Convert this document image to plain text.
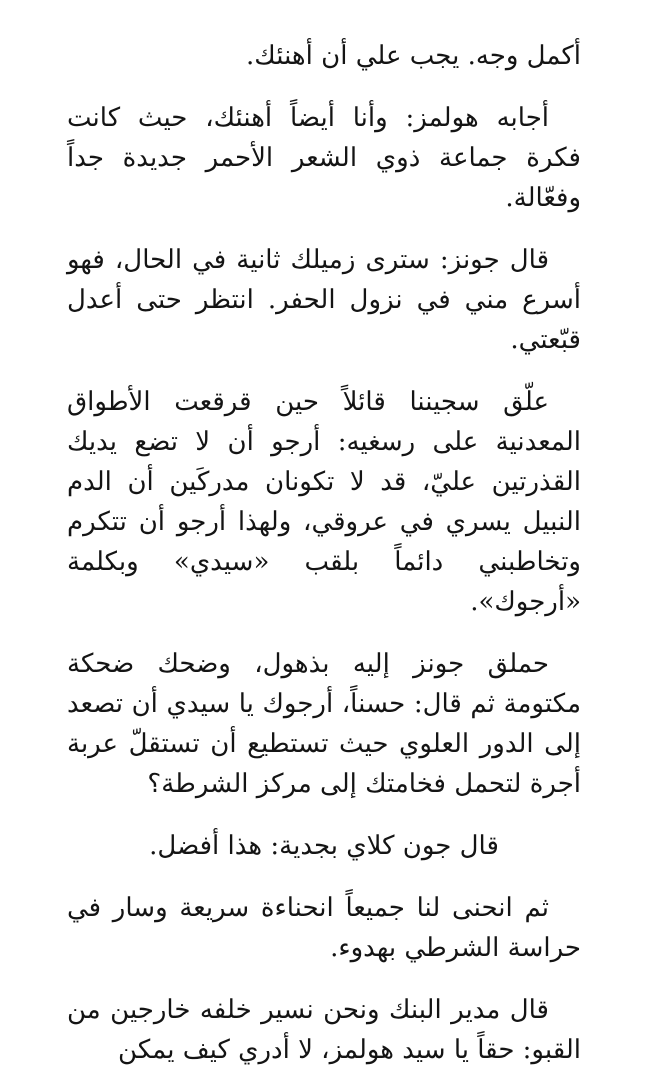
أكمل وجه. يجب علي أن أهنئك.

أجابه هولمز: وأنا أيضاً أهنئك، حيث كانت فكرة جماعة ذوي الشعر الأحمر جديدة جداً وفعّالة.

قال جونز: سترى زميلك ثانية في الحال، فهو أسرع مني في نزول الحفر. انتظر حتى أعدل قبّعتي.

علّق سجيننا قائلاً حين قرقعت الأطواق المعدنية على رسغيه: أرجو أن لا تضع يديك القذرتين عليّ، قد لا تكونان مدركَين أن الدم النبيل يسري في عروقي، ولهذا أرجو أن تتكرم وتخاطبني دائماً بلقب «سيدي» وبكلمة «أرجوك».

حملق جونز إليه بذهول، وضحك ضحكة مكتومة ثم قال: حسناً، أرجوك يا سيدي أن تصعد إلى الدور العلوي حيث تستطيع أن تستقلّ عربة أجرة لتحمل فخامتك إلى مركز الشرطة؟

قال جون كلاي بجدية: هذا أفضل.

ثم انحنى لنا جميعاً انحناءة سريعة وسار في حراسة الشرطي بهدوء.

قال مدير البنك ونحن نسير خلفه خارجين من القبو: حقاً يا سيد هولمز، لا أدري كيف يمكن
